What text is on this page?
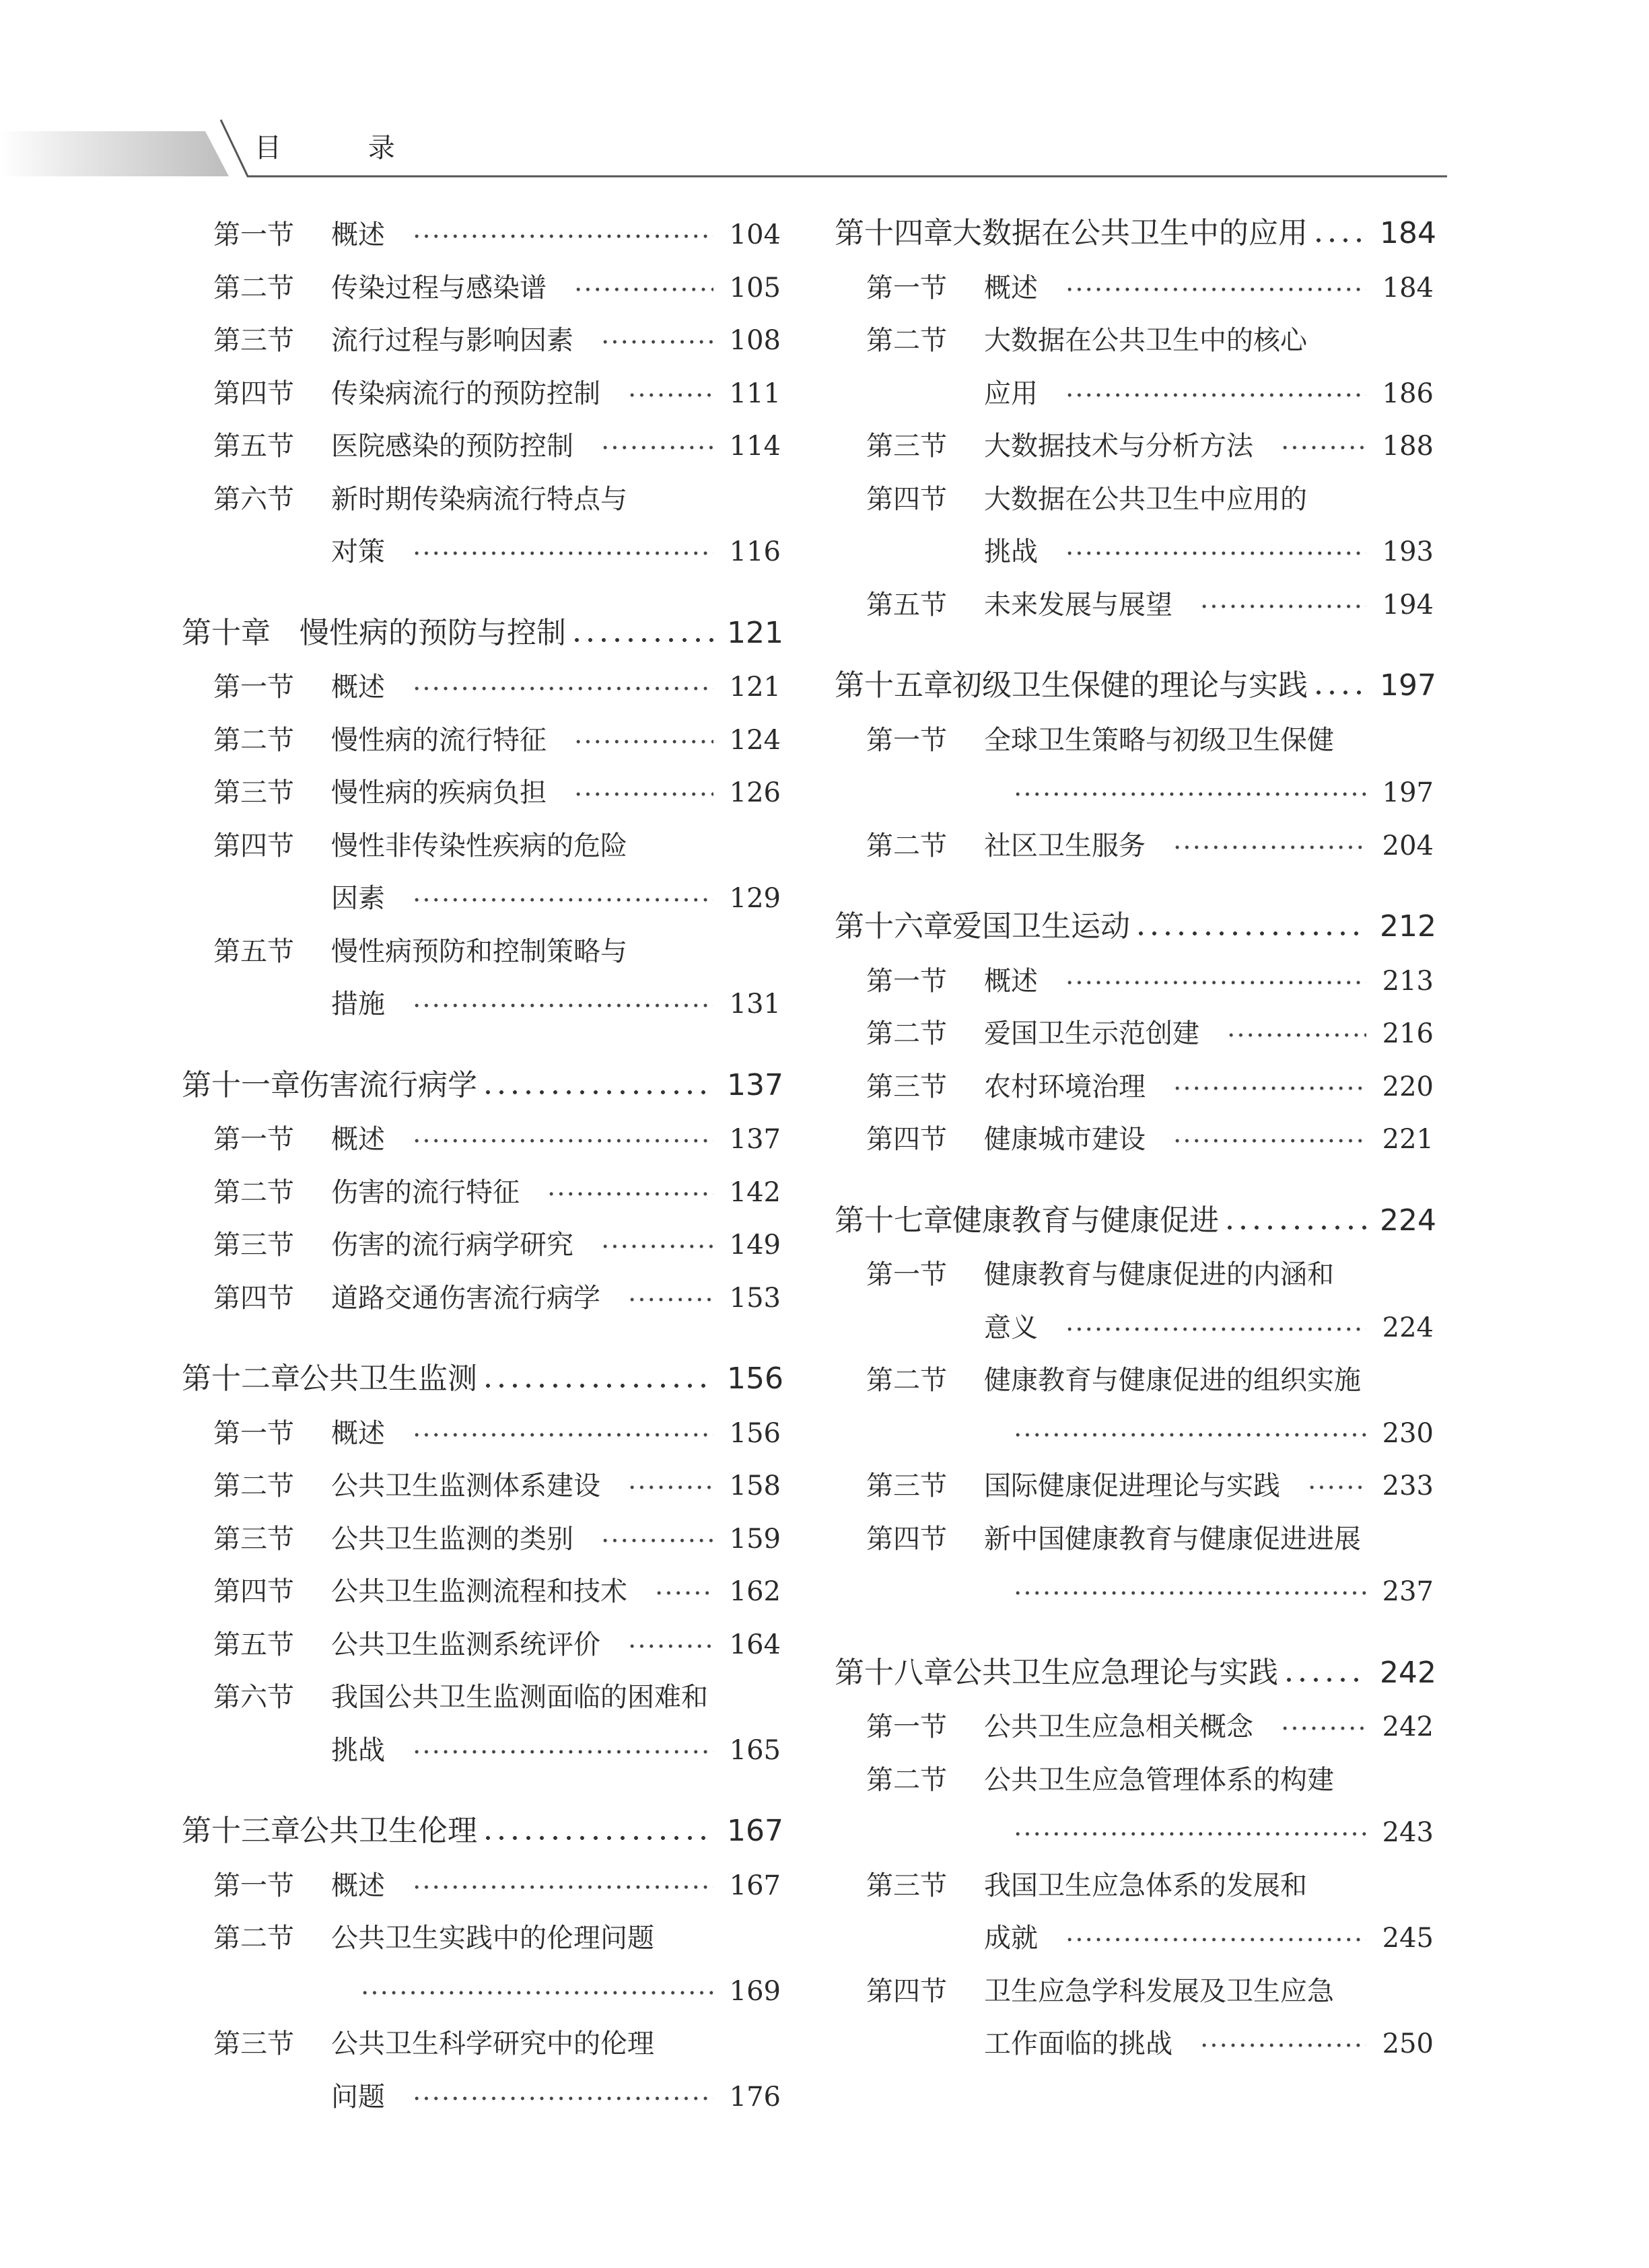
目 录
第一节 概述	104
第二节 传染过程与感染谱	105
第三节 流行过程与影响因素	108
第四节 传染病流行的预防控制	111
第五节 医院感染的预防控制	114
第六节 新时期传染病流行特点与
对策	116
第十章 慢性病的预防与控制	121
第一节 概述	121
第二节 慢性病的流行特征	124
第三节 慢性病的疾病负担	126
第四节 慢性非传染性疾病的危险
因素	129
第五节 慢性病预防和控制策略与
措施	131
第十一章 伤害流行病学	137
第一节 概述	137
第二节 伤害的流行特征	142
第三节 伤害的流行病学研究	149
第四节 道路交通伤害流行病学	153
第十二章 公共卫生监测	156
第一节 概述	156
第二节 公共卫生监测体系建设	158
第三节 公共卫生监测的类别	159
第四节 公共卫生监测流程和技术	162
第五节 公共卫生监测系统评价	164
第六节 我国公共卫生监测面临的困难和
挑战	165
第十三章 公共卫生伦理	167
第一节 概述	167
第二节 公共卫生实践中的伦理问题
169
第三节 公共卫生科学研究中的伦理
问题	176
第十四章 大数据在公共卫生中的应用 184
第一节 概述	184
第二节 大数据在公共卫生中的核心
应用	186
第三节 大数据技术与分析方法	188
第四节 大数据在公共卫生中应用的
挑战	193
第五节 未来发展与展望	194
第十五章 初级卫生保健的理论与实践 197
第一节 全球卫生策略与初级卫生保健
197
第二节 社区卫生服务	204
第十六章 爱国卫生运动	212
第一节 概述	213
第二节 爱国卫生示范创建	216
第三节 农村环境治理	220
第四节 健康城市建设	221
第十七章 健康教育与健康促进	224
第一节 健康教育与健康促进的内涵和
意义	224
第二节 健康教育与健康促进的组织实施
230
第三节 国际健康促进理论与实践	233
第四节 新中国健康教育与健康促进进展
237
第十八章 公共卫生应急理论与实践	242
第一节 公共卫生应急相关概念	242
第二节 公共卫生应急管理体系的构建
243
第三节 我国卫生应急体系的发展和
成就	245
第四节 卫生应急学科发展及卫生应急
工作面临的挑战	250
